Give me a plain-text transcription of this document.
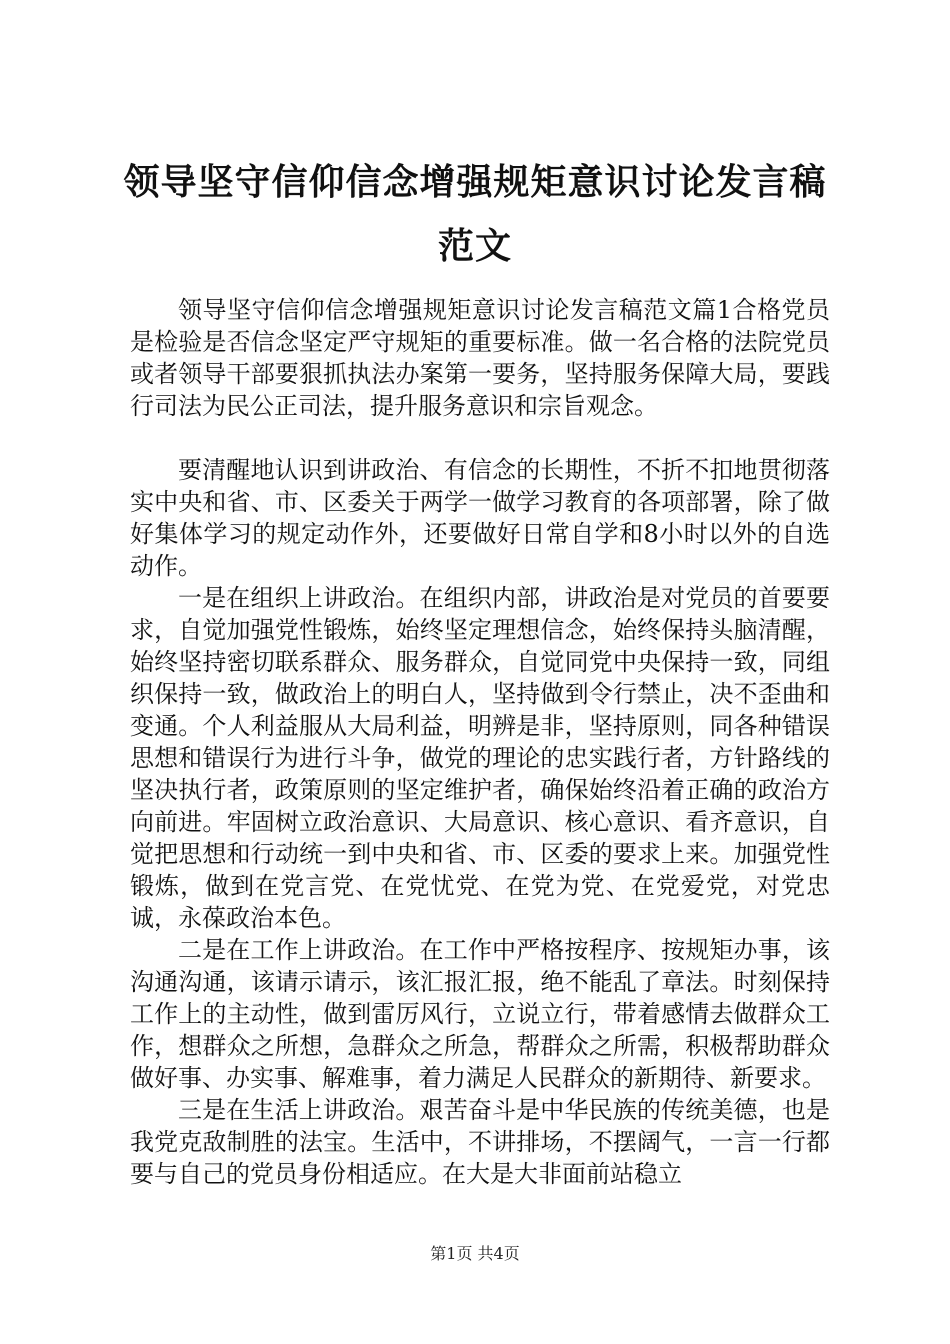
领导坚守信仰信念增强规矩意识讨论发言稿范文

领导坚守信仰信念增强规矩意识讨论发言稿范文篇1合格党员是检验是否信念坚定严守规矩的重要标准。做一名合格的法院党员或者领导干部要狠抓执法办案第一要务，坚持服务保障大局，要践行司法为民公正司法，提升服务意识和宗旨观念。

要清醒地认识到讲政治、有信念的长期性，不折不扣地贯彻落实中央和省、市、区委关于两学一做学习教育的各项部署，除了做好集体学习的规定动作外，还要做好日常自学和8小时以外的自选动作。

一是在组织上讲政治。在组织内部，讲政治是对党员的首要要求，自觉加强党性锻炼，始终坚定理想信念，始终保持头脑清醒，始终坚持密切联系群众、服务群众，自觉同党中央保持一致，同组织保持一致，做政治上的明白人，坚持做到令行禁止，决不歪曲和变通。个人利益服从大局利益，明辨是非，坚持原则，同各种错误思想和错误行为进行斗争，做党的理论的忠实践行者，方针路线的坚决执行者，政策原则的坚定维护者，确保始终沿着正确的政治方向前进。牢固树立政治意识、大局意识、核心意识、看齐意识，自觉把思想和行动统一到中央和省、市、区委的要求上来。加强党性锻炼，做到在党言党、在党忧党、在党为党、在党爱党，对党忠诚，永葆政治本色。

二是在工作上讲政治。在工作中严格按程序、按规矩办事，该沟通沟通，该请示请示，该汇报汇报，绝不能乱了章法。时刻保持工作上的主动性，做到雷厉风行，立说立行，带着感情去做群众工作，想群众之所想，急群众之所急，帮群众之所需，积极帮助群众做好事、办实事、解难事，着力满足人民群众的新期待、新要求。

三是在生活上讲政治。艰苦奋斗是中华民族的传统美德，也是我党克敌制胜的法宝。生活中，不讲排场，不摆阔气，一言一行都要与自己的党员身份相适应。在大是大非面前站稳立

第1页 共4页
